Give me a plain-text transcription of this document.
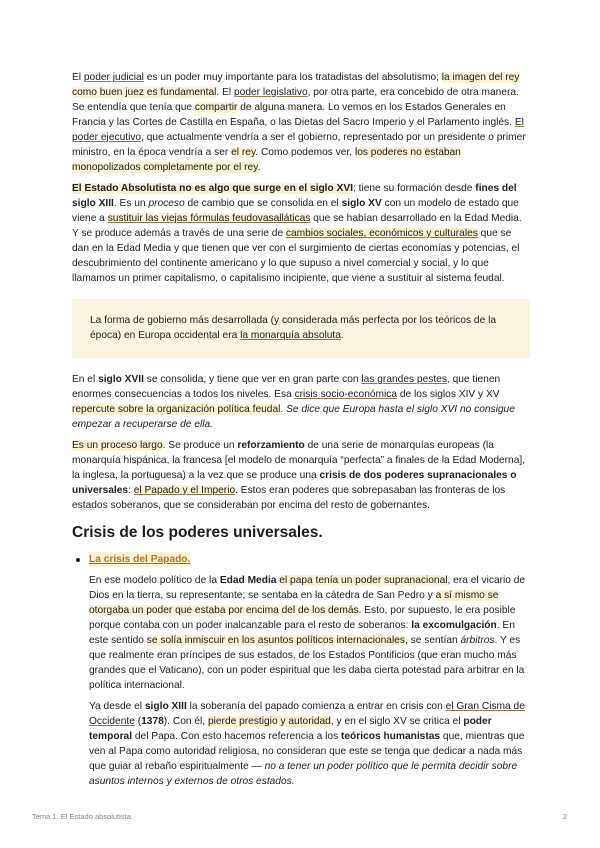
El poder judicial es un poder muy importante para los tratadistas del absolutismo; la imagen del rey como buen juez es fundamental. El poder legislativo, por otra parte, era concebido de otra manera. Se entendía que tenía que compartir de alguna manera. Lo vemos en los Estados Generales en Francia y las Cortes de Castilla en España, o las Dietas del Sacro Imperio y el Parlamento inglés. El poder ejecutivo, que actualmente vendría a ser el gobierno, representado por un presidente o primer ministro, en la época vendría a ser el rey. Como podemos ver, los poderes no estaban monopolizados completamente por el rey.

El Estado Absolutista no es algo que surge en el siglo XVI; tiene su formación desde fines del siglo XIII. Es un proceso de cambio que se consolida en el siglo XV con un modelo de estado que viene a sustituir las viejas fórmulas feudovasalláticas que se habían desarrollado en la Edad Media. Y se produce además a través de una serie de cambios sociales, económicos y culturales que se dan en la Edad Media y que tienen que ver con el surgimiento de ciertas economías y potencias, el descubrimiento del continente americano y lo que supuso a nivel comercial y social, y lo que llamamos un primer capitalismo, o capitalismo incipiente, que viene a sustituir al sistema feudal.

La forma de gobierno más desarrollada (y considerada más perfecta por los teóricos de la época) en Europa occidental era la monarquía absoluta.

En el siglo XVII se consolida, y tiene que ver en gran parte con las grandes pestes, que tienen enormes consecuencias a todos los niveles. Esa crisis socio-económica de los siglos XIV y XV repercute sobre la organización política feudal. Se dice que Europa hasta el siglo XVI no consigue empezar a recuperarse de ella.

Es un proceso largo. Se produce un reforzamiento de una serie de monarquías europeas (la monarquía hispánica, la francesa [el modelo de monarquía “perfecta” a finales de la Edad Moderna], la inglesa, la portuguesa) a la vez que se produce una crisis de dos poderes supranacionales o universales: el Papado y el Imperio. Estos eran poderes que sobrepasaban las fronteras de los estados soberanos, que se consideraban por encima del resto de gobernantes.

Crisis de los poderes universales.
La crisis del Papado.

En ese modelo político de la Edad Media el papa tenía un poder supranacional, era el vicario de Dios en la tierra, su representante; se sentaba en la cátedra de San Pedro y a sí mismo se otorgaba un poder que estaba por encima del de los demás. Esto, por supuesto, le era posible porque contaba con un poder inalcanzable para el resto de soberanos: la excomulgación. En este sentido se solía inmiscuir en los asuntos políticos internacionales, se sentían árbitros. Y es que realmente eran príncipes de sus estados, de los Estados Pontificios (que eran mucho más grandes que el Vaticano), con un poder espiritual que les daba cierta potestad para arbitrar en la política internacional.

Ya desde el siglo XIII la soberanía del papado comienza a entrar en crisis con el Gran Cisma de Occidente (1378). Con él, pierde prestigio y autoridad, y en el siglo XV se critica el poder temporal del Papa. Con esto hacemos referencia a los teóricos humanistas que, mientras que ven al Papa como autoridad religiosa, no consideran que este se tenga que dedicar a nada más que guiar al rebaño espiritualmente — no a tener un poder político que le permita decidir sobre asuntos internos y externos de otros estados.

Tema 1. El Estado absolutista.	2
